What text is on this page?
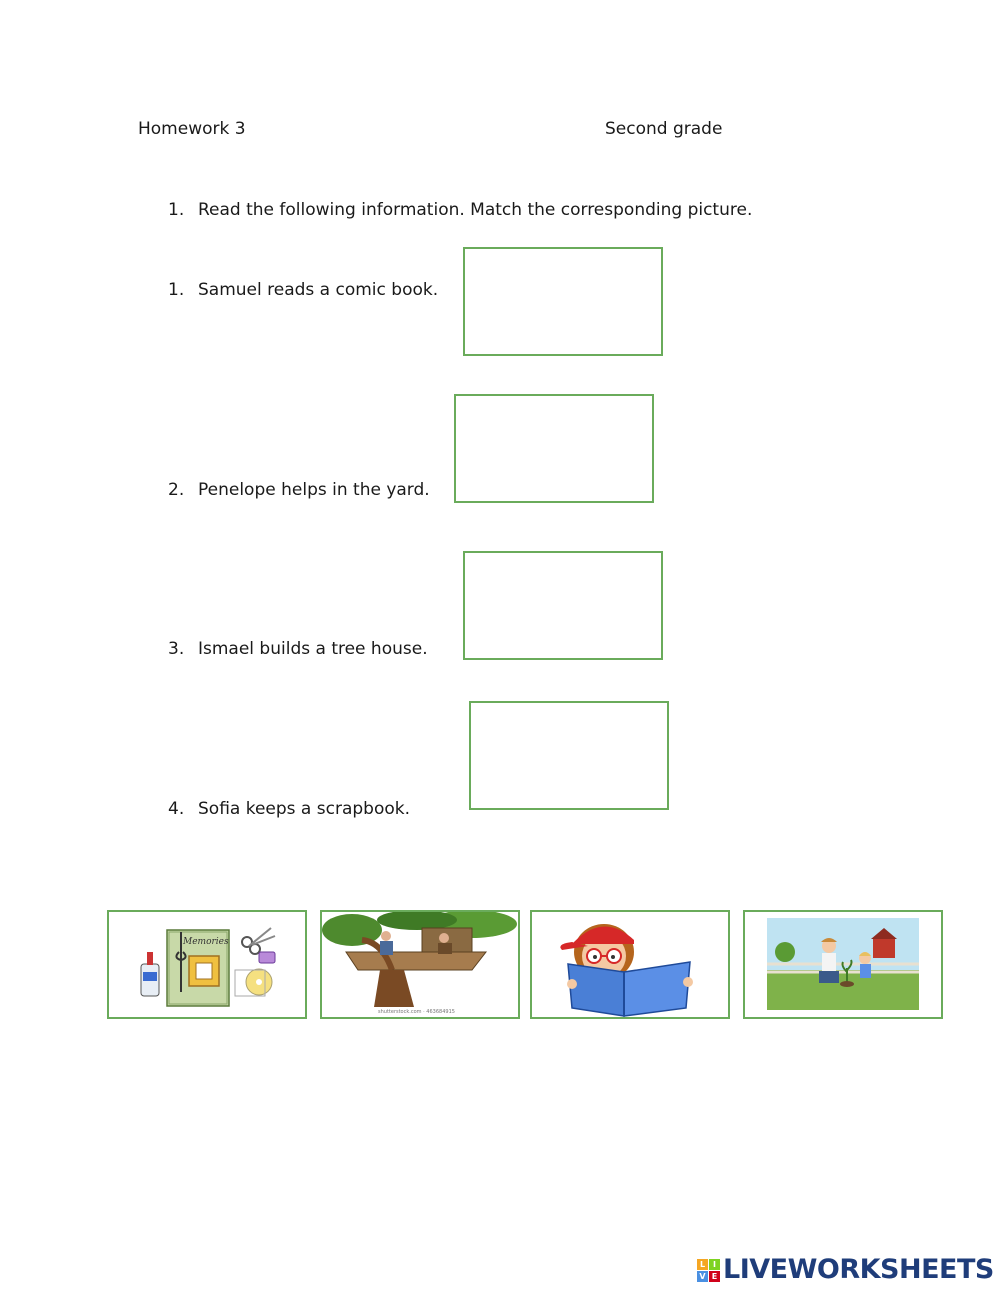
Homework 3	Second grade
1. Read the following information. Match the corresponding picture.
1. Samuel reads a comic book.
2. Penelope helps in the yard.
3. Ismael builds a tree house.
4. Sofia keeps a scrapbook.
Memories
shutterstock.com · 463684915
L I
V E LIVEWORKSHEETS
